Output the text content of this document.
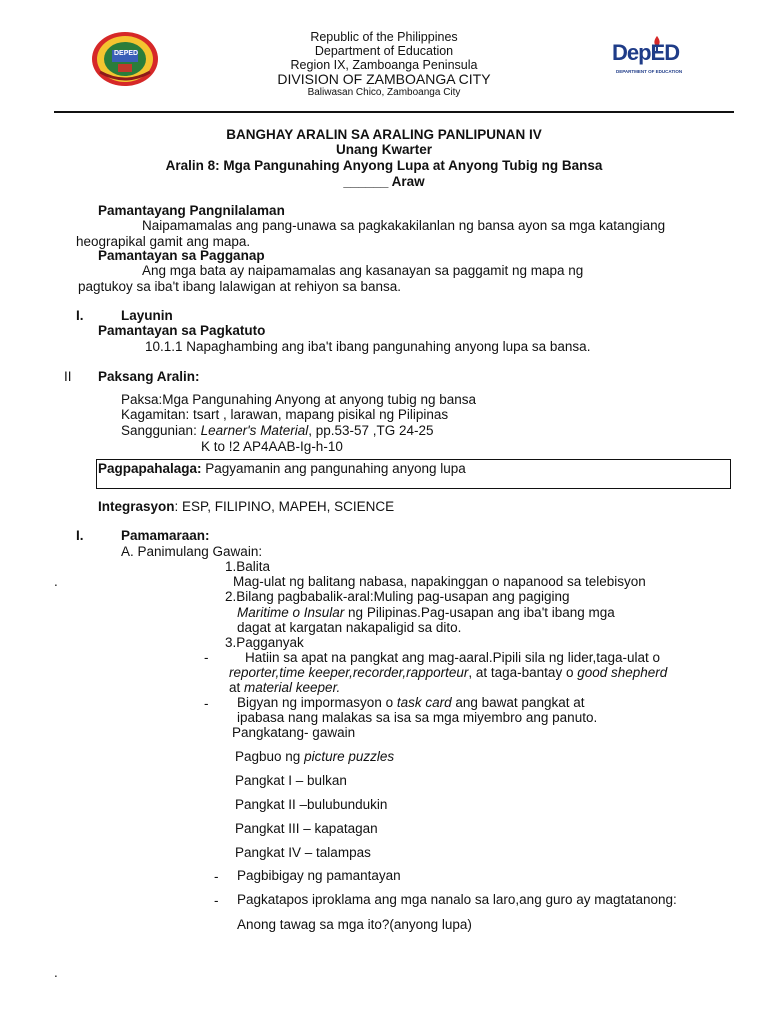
DEPED	DepED
DEPARTMENT OF EDUCATION
Republic of the Philippines
Department of Education
Region IX, Zamboanga Peninsula
DIVISION OF ZAMBOANGA CITY
Baliwasan Chico, Zamboanga City
BANGHAY ARALIN SA ARALING PANLIPUNAN IV
Unang Kwarter
Aralin 8: Mga Pangunahing Anyong Lupa at Anyong Tubig ng Bansa
______ Araw
Pamantayang Pangnilalaman
Naipamamalas ang pang-unawa sa pagkakakilanlan ng bansa ayon sa mga katangiang
heograpikal gamit ang mapa.
Pamantayan sa Pagganap
Ang mga bata ay naipamamalas ang kasanayan sa paggamit ng mapa ng
pagtukoy sa iba't ibang lalawigan at rehiyon sa bansa.
I.	Layunin
Pamantayan sa Pagkatuto
10.1.1 Napaghambing ang iba't ibang pangunahing anyong lupa sa bansa.
II Paksang Aralin:
Paksa:Mga Pangunahing Anyong at anyong tubig ng bansa
Kagamitan: tsart , larawan, mapang pisikal ng Pilipinas
Sanggunian: Learner's Material, pp.53-57 ,TG 24-25
K to !2 AP4AAB-Ig-h-10
Pagpapahalaga: Pagyamanin ang pangunahing anyong lupa
Integrasyon: ESP, FILIPINO, MAPEH, SCIENCE
I.	Pamamaraan:
A. Panimulang Gawain:
1.Balita
.	Mag-ulat ng balitang nabasa, napakinggan o napanood sa telebisyon
2.Bilang pagbabalik-aral:Muling pag-usapan ang pagiging
Maritime o Insular ng Pilipinas.Pag-usapan ang iba't ibang mga
dagat at kargatan nakapaligid sa dito.
3.Pagganyak
-	Hatiin sa apat na pangkat ang mag-aaral.Pipili sila ng lider,taga-ulat o
reporter,time keeper,recorder,rapporteur, at taga-bantay o good shepherd
at material keeper.
- Bigyan ng impormasyon o task card ang bawat pangkat at
ipabasa nang malakas sa isa sa mga miyembro ang panuto.
Pangkatang- gawain
Pagbuo ng picture puzzles
Pangkat I – bulkan
Pangkat II –bulubundukin
Pangkat III – kapatagan
Pangkat IV – talampas
- Pagbibigay ng pamantayan
- Pagkatapos iproklama ang mga nanalo sa laro,ang guro ay magtatanong:
Anong tawag sa mga ito?(anyong lupa)
.
